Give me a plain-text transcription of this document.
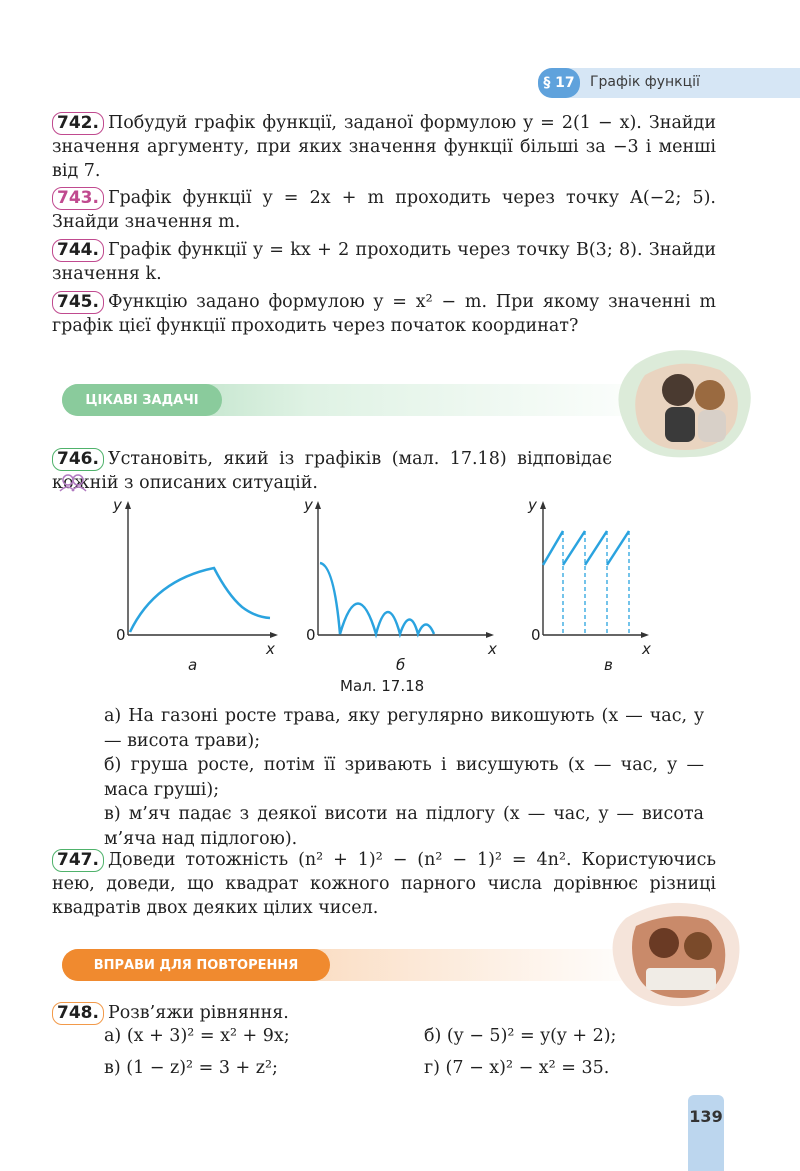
§ 17	Графік функції
742. Побудуй графік функції, заданої формулою y = 2(1 − x). Знайди значення аргументу, при яких значення функції більші за −3 і менші від 7.
743. Графік функції y = 2x + m проходить через точку A(−2; 5). Знайди значення m.
744. Графік функції y = kx + 2 проходить через точку B(3; 8). Знайди значення k.
745. Функцію задано формулою y = x² − m. При якому значенні m графік цієї функції проходить через початок координат?
ЦІКАВІ ЗАДАЧІ
746. Установіть, який із графіків (мал. 17.18) відповідає кожній з описаних ситуацій.
y
x
0
а
y
x
0
б
y
x
0
в
Мал. 17.18
а) На газоні росте трава, яку регулярно викошують (x — час, y — висота трави);
б) груша росте, потім її зривають і висушують (x — час, y — маса груші);
в) м’яч падає з деякої висоти на підлогу (x — час, y — висота м’яча над підлогою).
747. Доведи тотожність (n² + 1)² − (n² − 1)² = 4n². Користуючись нею, доведи, що квадрат кожного парного числа дорівнює різниці квадратів двох деяких цілих чисел.
ВПРАВИ ДЛЯ ПОВТОРЕННЯ
748. Розв’яжи рівняння.
а) (x + 3)² = x² + 9x;	б) (y − 5)² = y(y + 2);
в) (1 − z)² = 3 + z²;	г) (7 − x)² − x² = 35.
139
